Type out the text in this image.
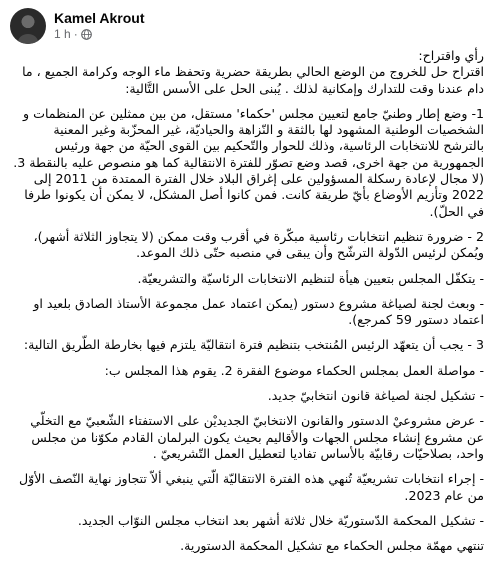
Kamel Akrout
1 h ·

رأي واقتراح:

اقتراح حل للخروج من الوضع الحالي بطريقة حضرية وتحفظ ماء الوجه وكرامة الجميع ، ما دام عندنا وقت للتدارك وإمكانية لذلك . يُبنى الحل على الأسس التَّالية:

1- وضع إطار وطنيّ جامع لتعيين مجلس 'حكماء' مستقل، من بين ممثلين عن المنظمات و الشخصيات الوطنية المشهود لها بالثقة و النّزاهة والحياديّة، غير المحزّبة وغير المعنية بالترشح للانتخابات الرئاسية، وذلك للحوار والتّحكيم بين القوى الحيّة من جهة ورئيس الجمهورية من جهة اخرى، قصد وضع تصوّر للفترة الانتقالية كما هو منصوص عليه بالنقطة 3. (لا مجال لإعادة رسكلة المسؤولين على إغراق البلاد خلال الفترة الممتدة من 2011 إلى 2022 وتأزيم الأوضاع بأيّ طريقة كانت. فمن كانوا أصل المشكل، لا يمكن أن يكونوا طرفا في الحلّ).

2 - ضرورة تنظيم انتخابات رئاسية مبكّرة في أقرب وقت ممكن (لا يتجاوز الثلاثة أشهر)، ويُمكن لرئيس الدّولة الترشّح وأن يبقى في منصبه حتّى ذلك الموعد.

- يتكفّل المجلس بتعيين هيأة لتنظيم الانتخابات الرئاسيّة والتشريعيّة.

- وبعث لجنة لصياغة مشروع دستور (يمكن اعتماد عمل مجموعة الأستاذ الصادق بلعيد او اعتماد دستور 59 كمرجع).

3 - يجب أن يتعهّد الرئيس المُنتخب بتنظيم فترة انتقاليّة يلتزم فيها بخارطة الطّريق التالية:

- مواصلة العمل بمجلس الحكماء موضوع الفقرة 2. يقوم هذا المجلس ب:

- تشكيل لجنة لصياغة قانون انتخابيّ جديد.

- عرض مشروعيْ الدستور والقانون الانتخابيّ الجديديْن على الاستفتاء الشّعبيّ مع التخلّي عن مشروع إنشاء مجلس الجهات والأقاليم بحيث يكون البرلمان القادم مكوّنا من مجلس واحد، بصلاحيّات رقابيّة بالأساس تفاديا لتعطيل العمل التّشريعيّ .

- إجراء انتخابات تشريعيّة تُنهي هذه الفترة الانتقاليّة الّتي ينبغي ألاّ تتجاوز نهاية النّصف الأوّل من عام 2023.

- تشكيل المحكمة الدّستوريّة خلال ثلاثة أشهر بعد انتخاب مجلس النوّاب الجديد.

تنتهي مهمّة مجلس الحكماء مع تشكيل المحكمة الدستورية.
